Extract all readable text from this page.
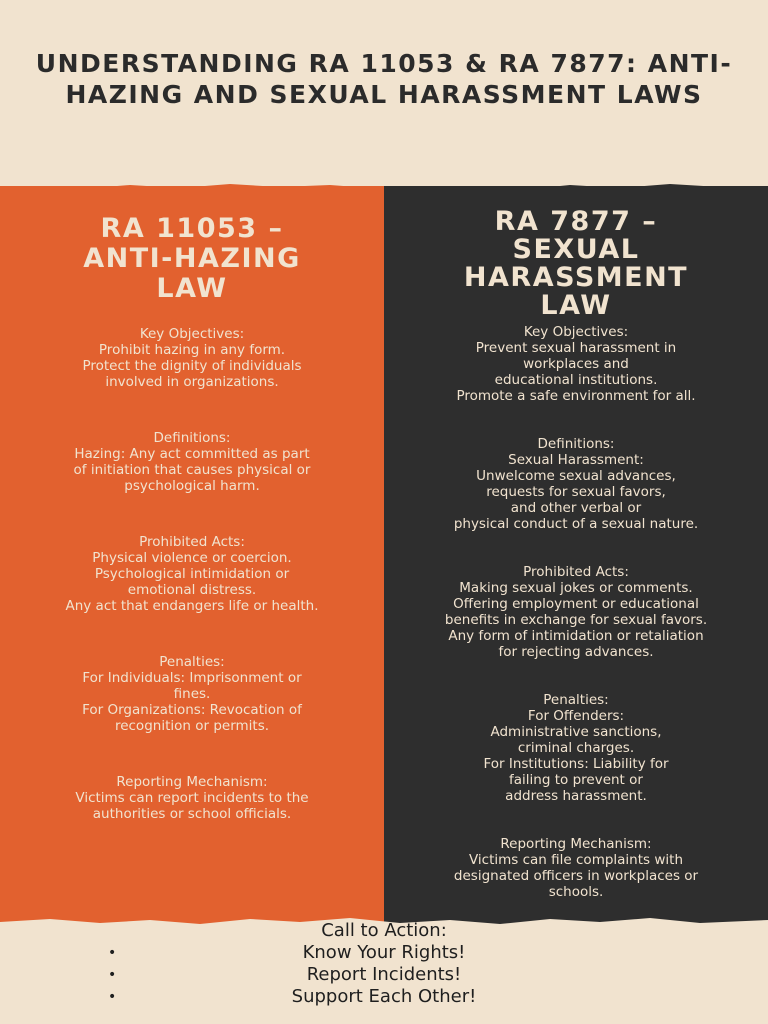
UNDERSTANDING RA 11053 & RA 7877: ANTI-HAZING AND SEXUAL HARASSMENT LAWS
RA 11053 –
ANTI-HAZING
LAW

Key Objectives:
Prohibit hazing in any form.
Protect the dignity of individuals
involved in organizations.

Definitions:
Hazing: Any act committed as part
of initiation that causes physical or
psychological harm.

Prohibited Acts:
Physical violence or coercion.
Psychological intimidation or
emotional distress.
Any act that endangers life or health.

Penalties:
For Individuals: Imprisonment or
fines.
For Organizations: Revocation of
recognition or permits.

Reporting Mechanism:
Victims can report incidents to the
authorities or school officials.

RA 7877 –
SEXUAL
HARASSMENT
LAW

Key Objectives:
Prevent sexual harassment in
workplaces and
educational institutions.
Promote a safe environment for all.

Definitions:
Sexual Harassment:
Unwelcome sexual advances,
requests for sexual favors,
and other verbal or
physical conduct of a sexual nature.

Prohibited Acts:
Making sexual jokes or comments.
Offering employment or educational
benefits in exchange for sexual favors.
Any form of intimidation or retaliation
for rejecting advances.

Penalties:
For Offenders:
Administrative sanctions,
criminal charges.
For Institutions: Liability for
failing to prevent or
address harassment.

Reporting Mechanism:
Victims can file complaints with
designated officers in workplaces or
schools.

Call to Action:

•	Know Your Rights!
•	Report Incidents!
•	Support Each Other!
